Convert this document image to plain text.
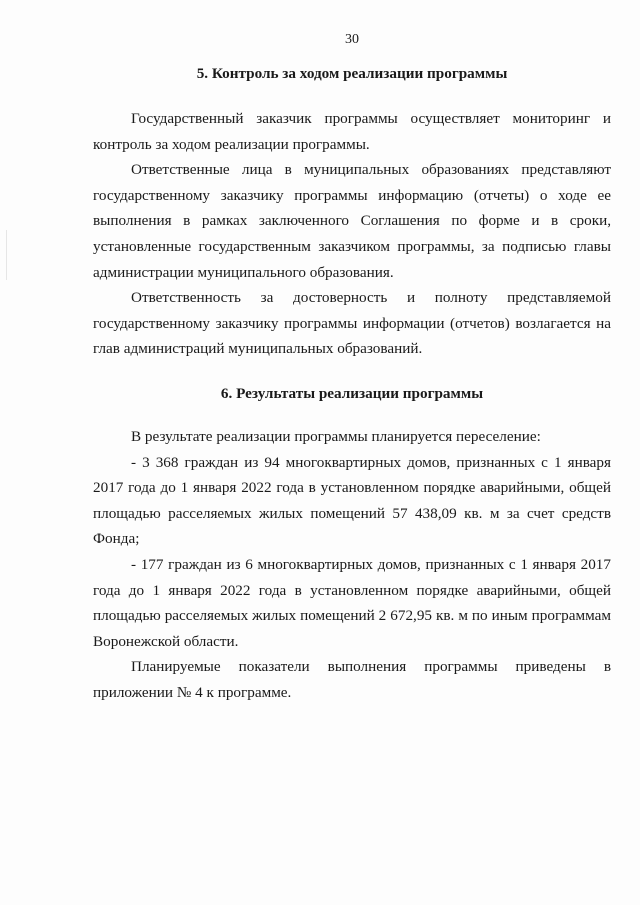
30
5. Контроль за ходом реализации программы

Государственный заказчик программы осуществляет мониторинг и контроль за ходом реализации программы.

Ответственные лица в муниципальных образованиях представляют государственному заказчику программы информацию (отчеты) о ходе ее выполнения в рамках заключенного Соглашения по форме и в сроки, установленные государственным заказчиком программы, за подписью главы администрации муниципального образования.

Ответственность за достоверность и полноту представляемой государственному заказчику программы информации (отчетов) возлагается на глав администраций муниципальных образований.

6. Результаты реализации программы

В результате реализации программы планируется переселение:

- 3 368 граждан из 94 многоквартирных домов, признанных с 1 января 2017 года до 1 января 2022 года в установленном порядке аварийными, общей площадью расселяемых жилых помещений 57 438,09 кв. м за счет средств Фонда;

- 177 граждан из 6 многоквартирных домов, признанных с 1 января 2017 года до 1 января 2022 года в установленном порядке аварийными, общей площадью расселяемых жилых помещений 2 672,95 кв. м по иным программам Воронежской области.

Планируемые показатели выполнения программы приведены в приложении № 4 к программе.
